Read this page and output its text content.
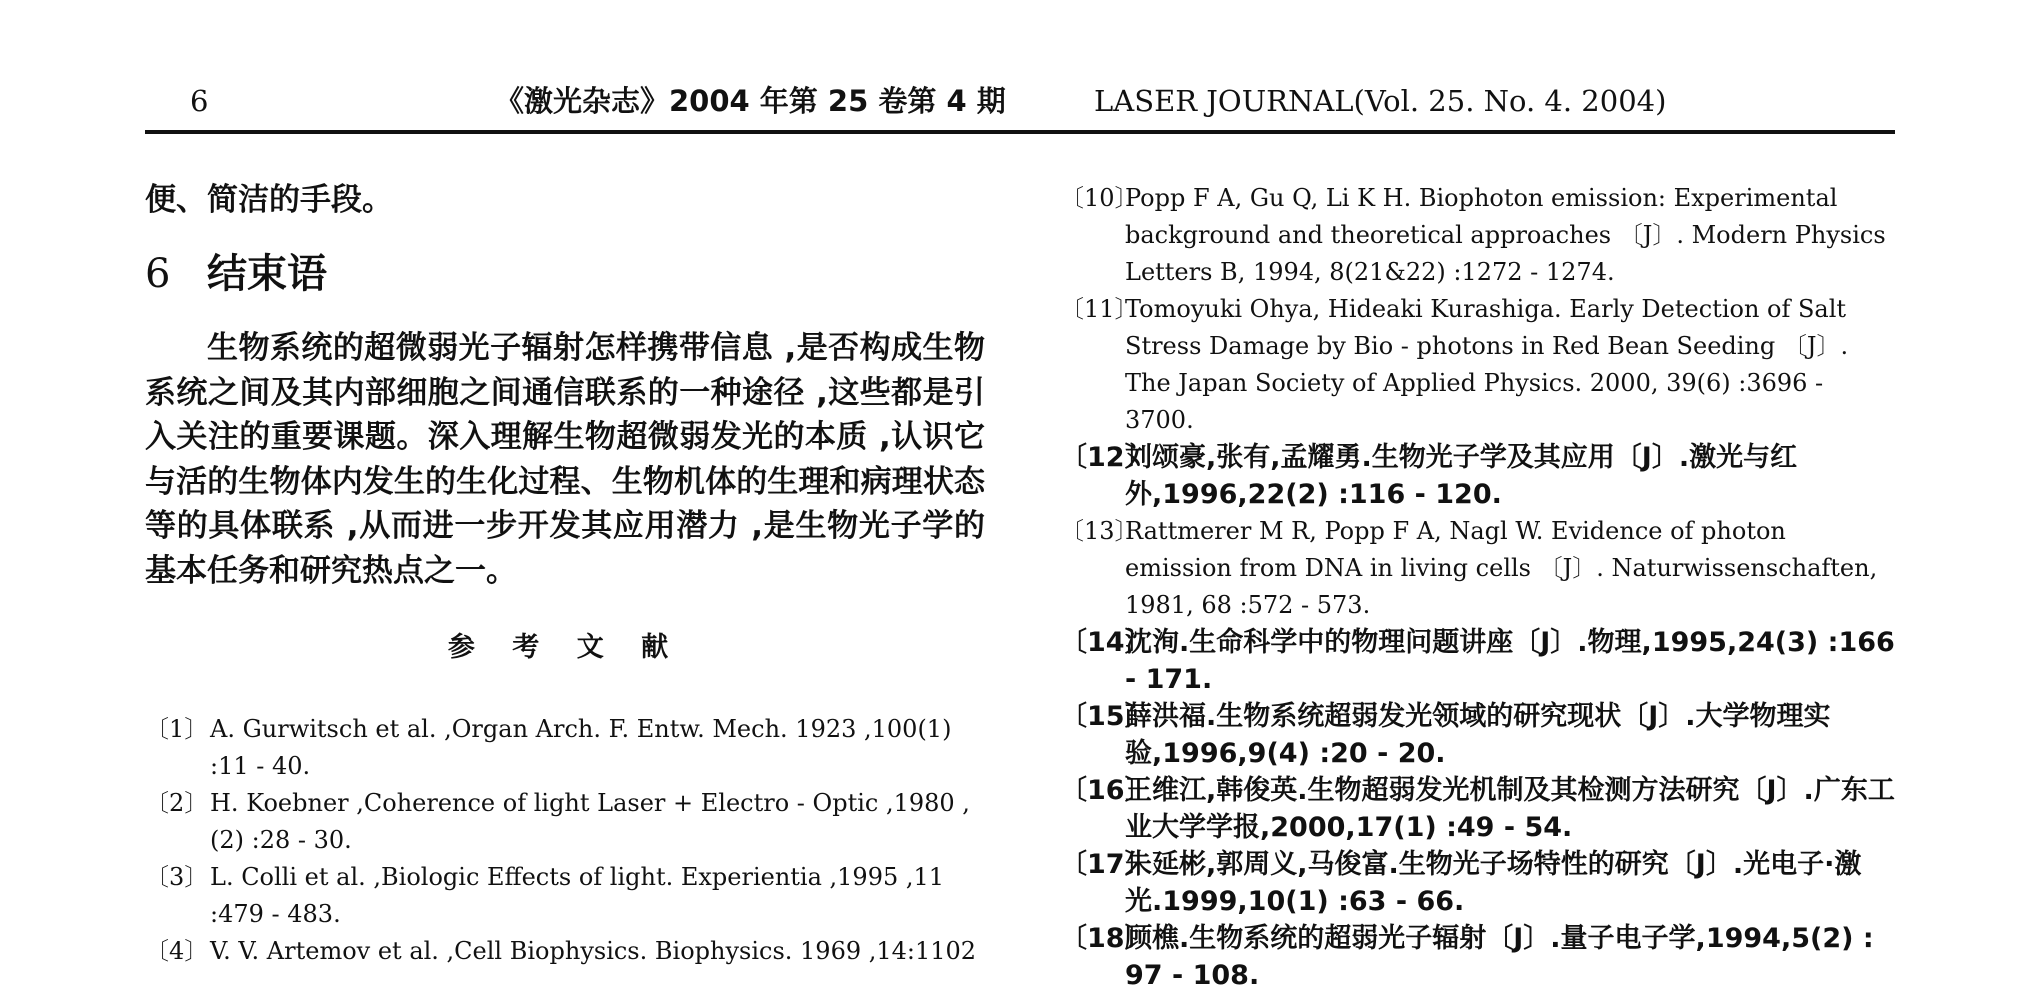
6	《激光杂志》2004 年第 25 卷第 4 期	LASER JOURNAL(Vol. 25. No. 4. 2004)
便、简洁的手段。
6 结束语
生物系统的超微弱光子辐射怎样携带信息 ,是否构成生物系统之间及其内部细胞之间通信联系的一种途径 ,这些都是引入关注的重要课题。深入理解生物超微弱发光的本质 ,认识它与活的生物体内发生的生化过程、生物机体的生理和病理状态等的具体联系 ,从而进一步开发其应用潜力 ,是生物光子学的基本任务和研究热点之一。
参 考 文 献
〔1〕 A. Gurwitsch et al. ,Organ Arch. F. Entw. Mech. 1923 ,100(1) :11 - 40.
〔2〕 H. Koebner ,Coherence of light Laser + Electro - Optic ,1980 ,(2) :28 - 30.
〔3〕 L. Colli et al. ,Biologic Effects of light. Experientia ,1995 ,11 :479 - 483.
〔4〕 V. V. Artemov et al. ,Cell Biophysics. Biophysics. 1969 ,14:1102
〔10〕
Popp F A, Gu Q, Li K H. Biophoton emission: Experimental background and theoretical approaches 〔J〕. Modern Physics Letters B, 1994, 8(21&22) :1272 - 1274.
〔11〕
Tomoyuki Ohya, Hideaki Kurashiga. Early Detection of Salt Stress Damage by Bio - photons in Red Bean Seeding 〔J〕. The Japan Society of Applied Physics. 2000, 39(6) :3696 - 3700.
〔12〕
刘颂豪,张有,孟耀勇.生物光子学及其应用〔J〕.激光与红外,1996,22(2) :116 - 120.
〔13〕
Rattmerer M R, Popp F A, Nagl W. Evidence of photon emission from DNA in living cells 〔J〕. Naturwissenschaften, 1981, 68 :572 - 573.
〔14〕
沈洵.生命科学中的物理问题讲座〔J〕.物理,1995,24(3) :166 - 171.
〔15〕
薛洪福.生物系统超弱发光领域的研究现状〔J〕.大学物理实验,1996,9(4) :20 - 20.
〔16〕
王维江,韩俊英.生物超弱发光机制及其检测方法研究〔J〕.广东工业大学学报,2000,17(1) :49 - 54.
〔17〕
朱延彬,郭周义,马俊富.生物光子场特性的研究〔J〕.光电子·激光.1999,10(1) :63 - 66.
〔18〕
顾樵.生物系统的超弱光子辐射〔J〕.量子电子学,1994,5(2) : 97 - 108.
